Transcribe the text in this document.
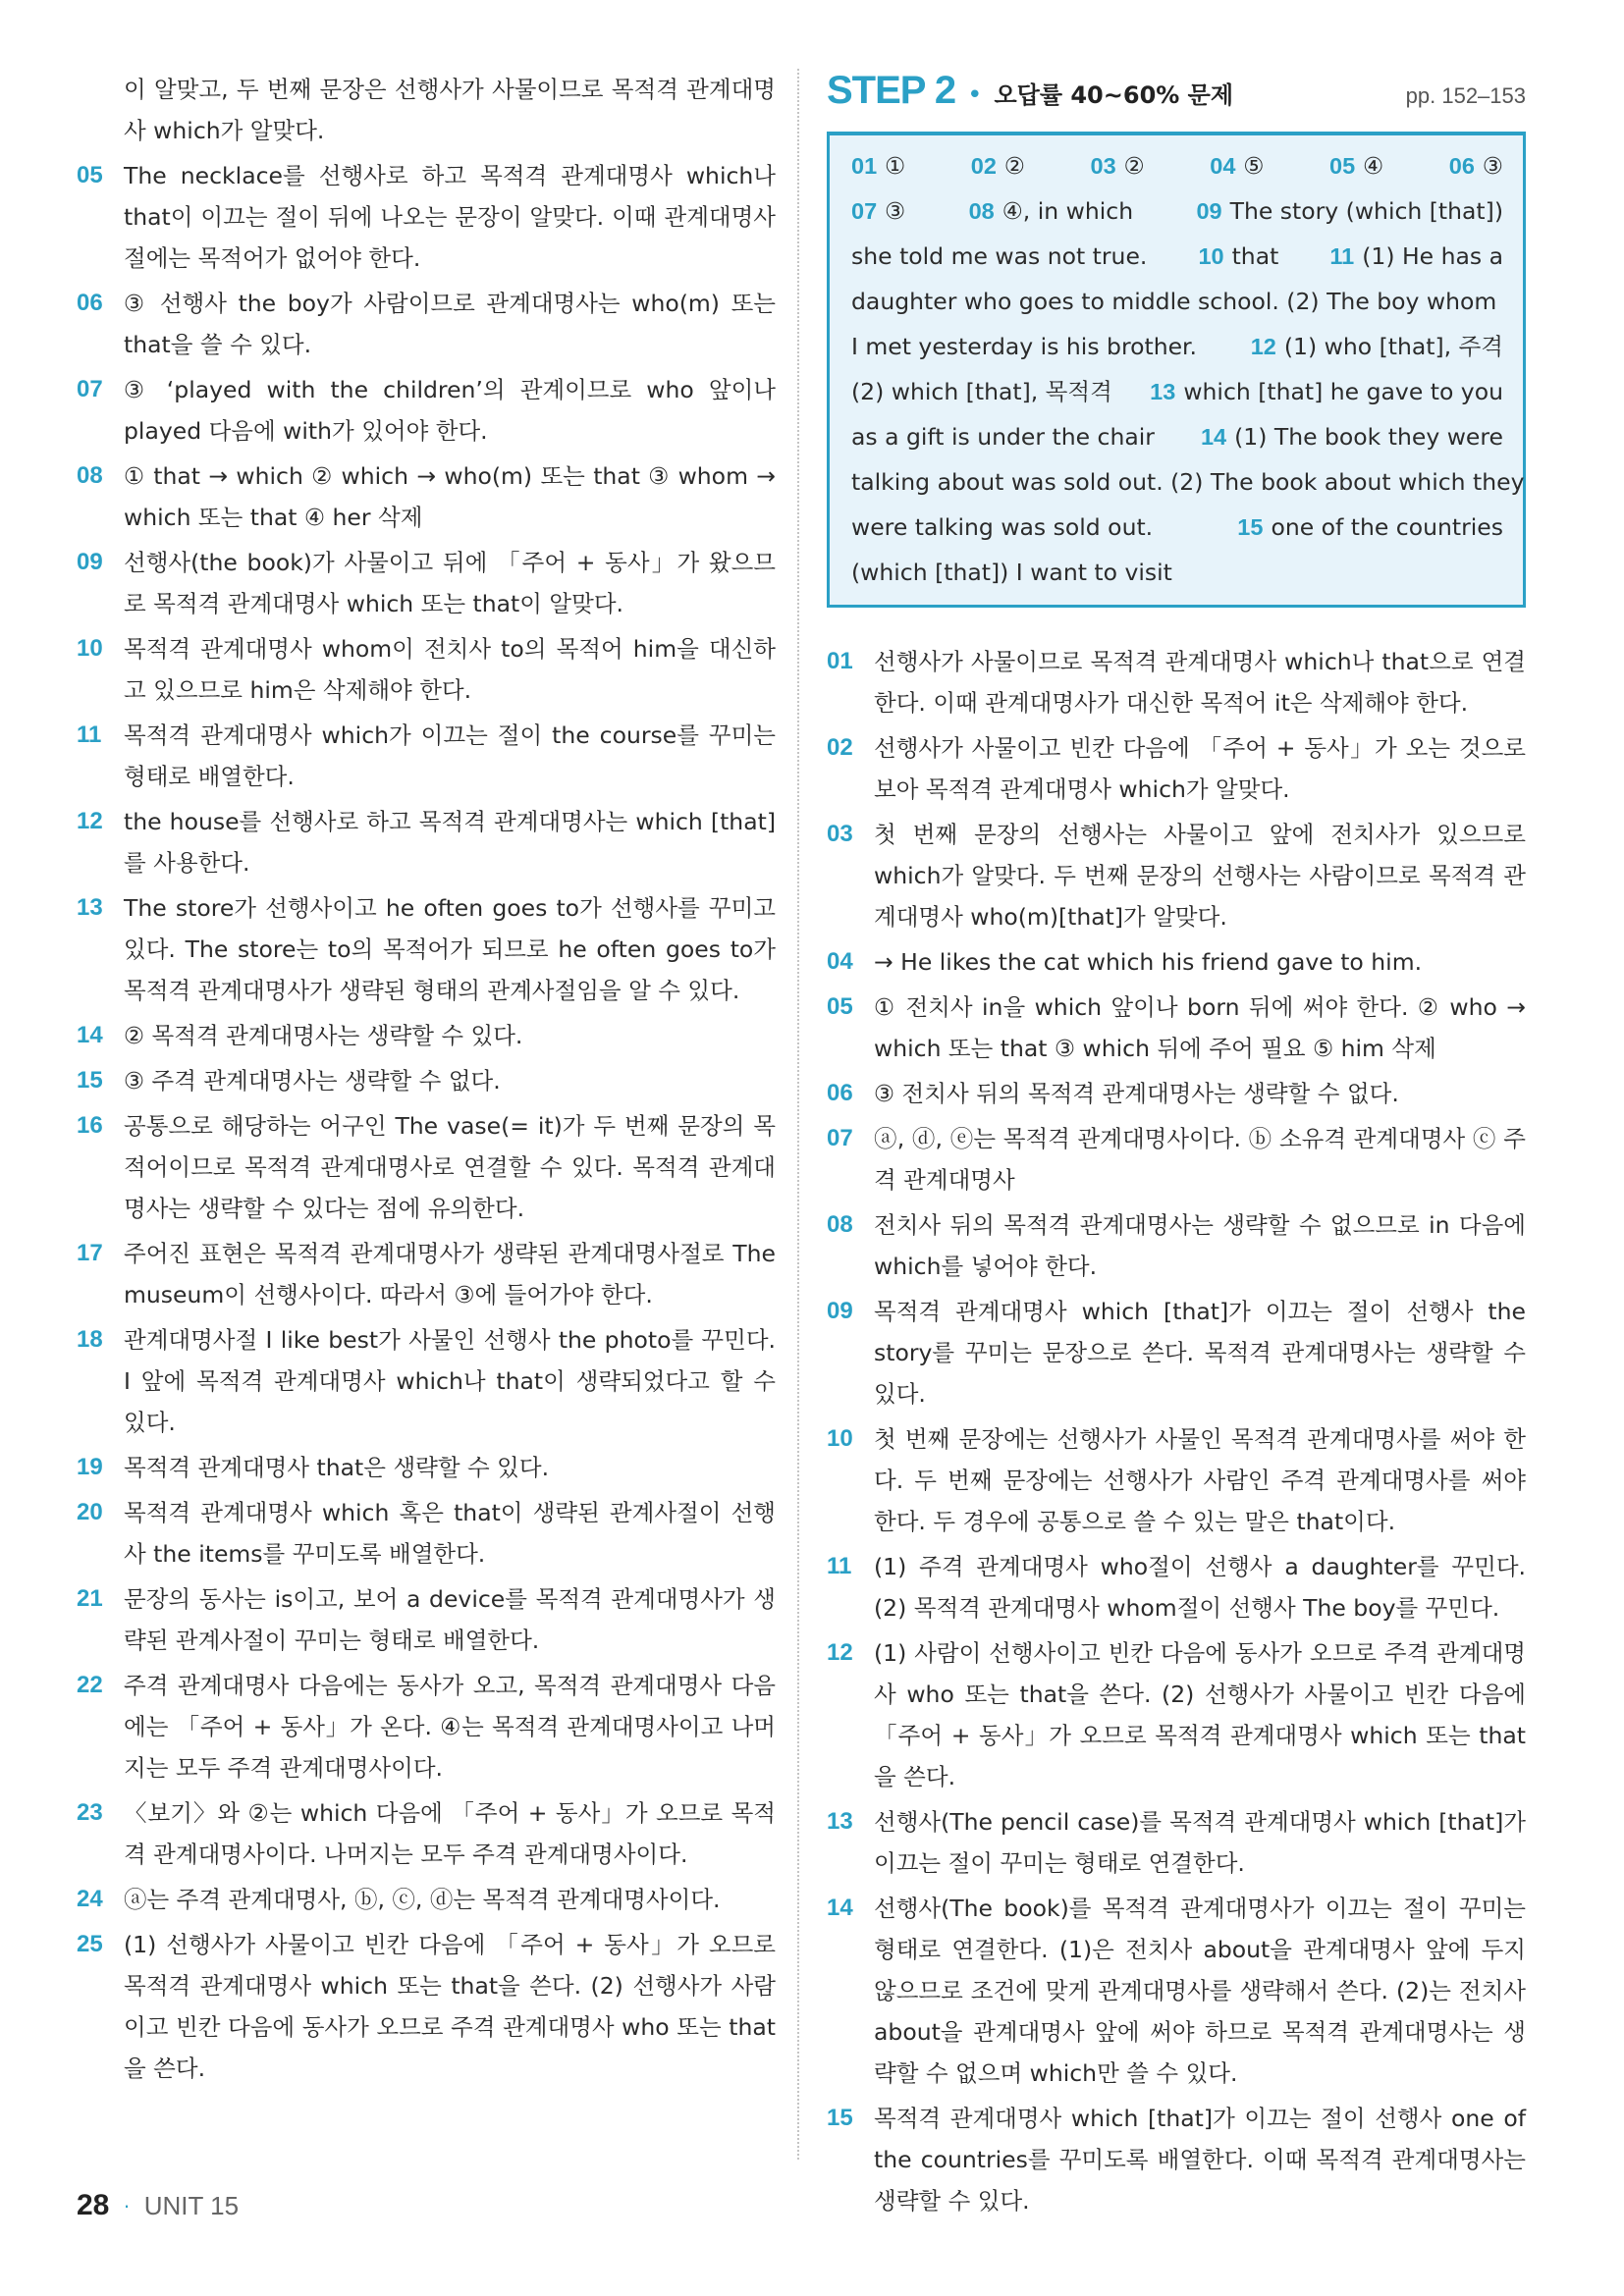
이 알맞고, 두 번째 문장은 선행사가 사물이므로 목적격 관계대명사 which가 알맞다.
05 The necklace를 선행사로 하고 목적격 관계대명사 which나 that이 이끄는 절이 뒤에 나오는 문장이 알맞다. 이때 관계대명사절에는 목적어가 없어야 한다.
06 ③ 선행사 the boy가 사람이므로 관계대명사는 who(m) 또는 that을 쓸 수 있다.
07 ③ ‘played with the children’의 관계이므로 who 앞이나 played 다음에 with가 있어야 한다.
08 ① that → which ② which → who(m) 또는 that ③ whom → which 또는 that ④ her 삭제
09 선행사(the book)가 사물이고 뒤에 「주어 + 동사」가 왔으므로 목적격 관계대명사 which 또는 that이 알맞다.
10 목적격 관계대명사 whom이 전치사 to의 목적어 him을 대신하고 있으므로 him은 삭제해야 한다.
11 목적격 관계대명사 which가 이끄는 절이 the course를 꾸미는 형태로 배열한다.
12 the house를 선행사로 하고 목적격 관계대명사는 which [that]를 사용한다.
13 The store가 선행사이고 he often goes to가 선행사를 꾸미고 있다. The store는 to의 목적어가 되므로 he often goes to가 목적격 관계대명사가 생략된 형태의 관계사절임을 알 수 있다.
14 ② 목적격 관계대명사는 생략할 수 있다.
15 ③ 주격 관계대명사는 생략할 수 없다.
16 공통으로 해당하는 어구인 The vase(= it)가 두 번째 문장의 목적어이므로 목적격 관계대명사로 연결할 수 있다. 목적격 관계대명사는 생략할 수 있다는 점에 유의한다.
17 주어진 표현은 목적격 관계대명사가 생략된 관계대명사절로 The museum이 선행사이다. 따라서 ③에 들어가야 한다.
18 관계대명사절 I like best가 사물인 선행사 the photo를 꾸민다. I 앞에 목적격 관계대명사 which나 that이 생략되었다고 할 수 있다.
19 목적격 관계대명사 that은 생략할 수 있다.
20 목적격 관계대명사 which 혹은 that이 생략된 관계사절이 선행사 the items를 꾸미도록 배열한다.
21 문장의 동사는 is이고, 보어 a device를 목적격 관계대명사가 생략된 관계사절이 꾸미는 형태로 배열한다.
22 주격 관계대명사 다음에는 동사가 오고, 목적격 관계대명사 다음에는 「주어 + 동사」가 온다. ④는 목적격 관계대명사이고 나머지는 모두 주격 관계대명사이다.
23 〈보기〉와 ②는 which 다음에 「주어 + 동사」가 오므로 목적격 관계대명사이다. 나머지는 모두 주격 관계대명사이다.
24 ⓐ는 주격 관계대명사, ⓑ, ⓒ, ⓓ는 목적격 관계대명사이다.
25 (1) 선행사가 사물이고 빈칸 다음에 「주어 + 동사」가 오므로 목적격 관계대명사 which 또는 that을 쓴다. (2) 선행사가 사람이고 빈칸 다음에 동사가 오므로 주격 관계대명사 who 또는 that을 쓴다.
STEP 2 • 오답률 40~60% 문제	pp. 152–153
01 ①	02 ②	03 ②	04 ⑤	05 ④	06 ③
07 ③	08 ④, in which	09 The story (which [that])
she told me was not true. 10 that 11 (1) He has a
daughter who goes to middle school. (2) The boy whom
I met yesterday is his brother. 12 (1) who [that], 주격
(2) which [that], 목적격 13 which [that] he gave to you
as a gift is under the chair 14 (1) The book they were
talking about was sold out. (2) The book about which they
were talking was sold out.	15 one of the countries
(which [that]) I want to visit
01 선행사가 사물이므로 목적격 관계대명사 which나 that으로 연결한다. 이때 관계대명사가 대신한 목적어 it은 삭제해야 한다.
02 선행사가 사물이고 빈칸 다음에 「주어 + 동사」가 오는 것으로 보아 목적격 관계대명사 which가 알맞다.
03 첫 번째 문장의 선행사는 사물이고 앞에 전치사가 있으므로 which가 알맞다. 두 번째 문장의 선행사는 사람이므로 목적격 관계대명사 who(m)[that]가 알맞다.
04 → He likes the cat which his friend gave to him.
05 ① 전치사 in을 which 앞이나 born 뒤에 써야 한다. ② who → which 또는 that ③ which 뒤에 주어 필요 ⑤ him 삭제
06 ③ 전치사 뒤의 목적격 관계대명사는 생략할 수 없다.
07 ⓐ, ⓓ, ⓔ는 목적격 관계대명사이다. ⓑ 소유격 관계대명사 ⓒ 주격 관계대명사
08 전치사 뒤의 목적격 관계대명사는 생략할 수 없으므로 in 다음에 which를 넣어야 한다.
09 목적격 관계대명사 which [that]가 이끄는 절이 선행사 the story를 꾸미는 문장으로 쓴다. 목적격 관계대명사는 생략할 수 있다.
10 첫 번째 문장에는 선행사가 사물인 목적격 관계대명사를 써야 한다. 두 번째 문장에는 선행사가 사람인 주격 관계대명사를 써야 한다. 두 경우에 공통으로 쓸 수 있는 말은 that이다.
11 (1) 주격 관계대명사 who절이 선행사 a daughter를 꾸민다. (2) 목적격 관계대명사 whom절이 선행사 The boy를 꾸민다.
12 (1) 사람이 선행사이고 빈칸 다음에 동사가 오므로 주격 관계대명사 who 또는 that을 쓴다. (2) 선행사가 사물이고 빈칸 다음에 「주어 + 동사」가 오므로 목적격 관계대명사 which 또는 that을 쓴다.
13 선행사(The pencil case)를 목적격 관계대명사 which [that]가 이끄는 절이 꾸미는 형태로 연결한다.
14 선행사(The book)를 목적격 관계대명사가 이끄는 절이 꾸미는 형태로 연결한다. (1)은 전치사 about을 관계대명사 앞에 두지 않으므로 조건에 맞게 관계대명사를 생략해서 쓴다. (2)는 전치사 about을 관계대명사 앞에 써야 하므로 목적격 관계대명사는 생략할 수 없으며 which만 쓸 수 있다.
15 목적격 관계대명사 which [that]가 이끄는 절이 선행사 one of the countries를 꾸미도록 배열한다. 이때 목적격 관계대명사는 생략할 수 있다.
28 · UNIT 15
